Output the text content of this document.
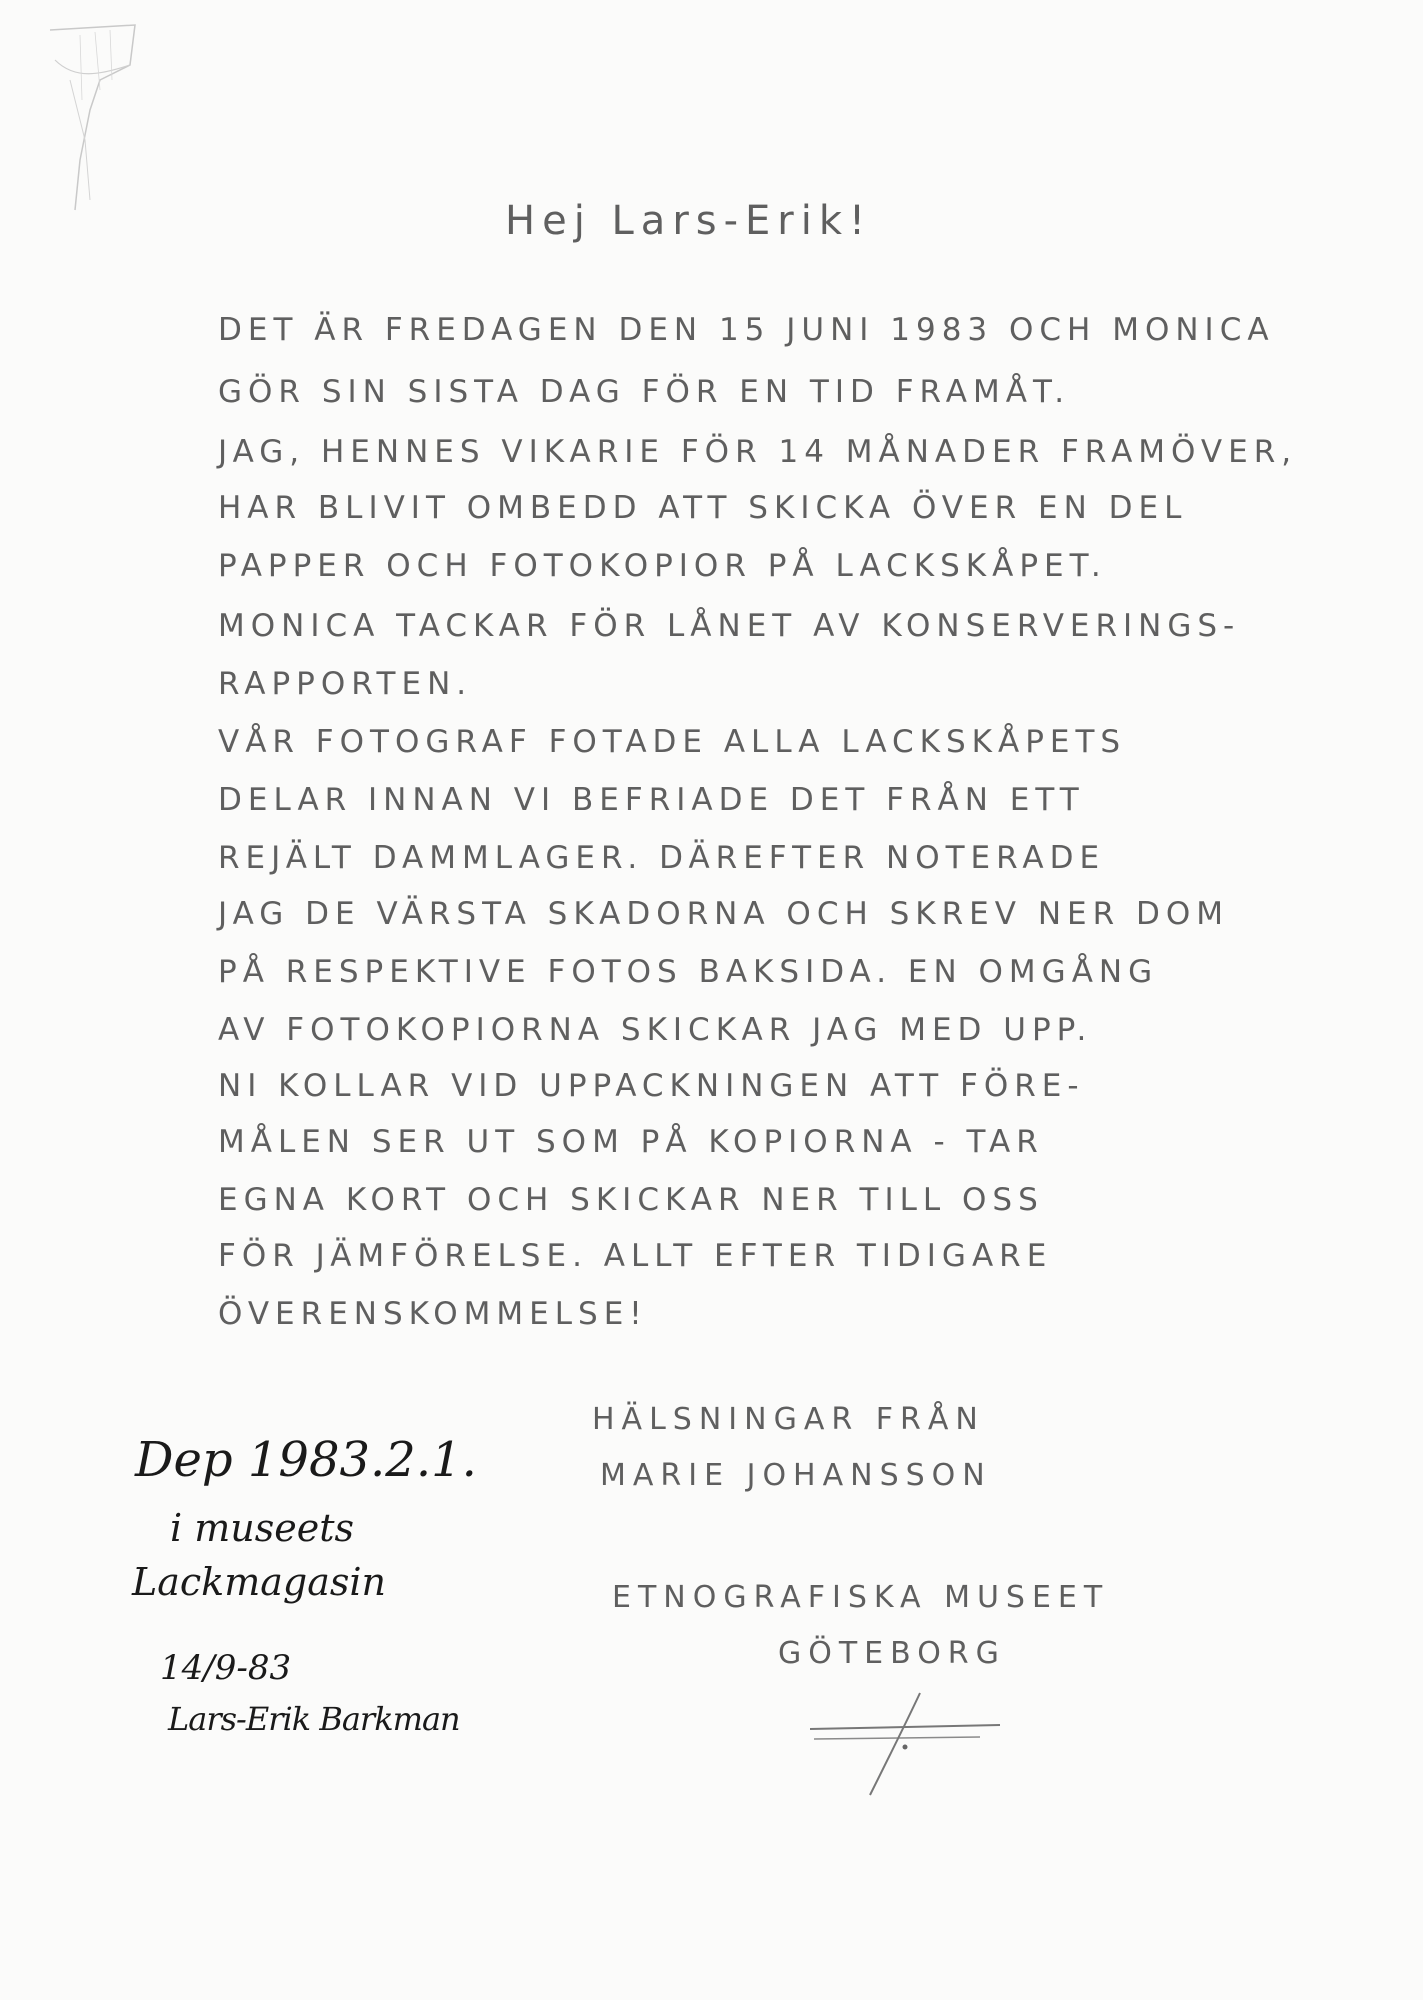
Hej Lars-Erik!
DET ÄR FREDAGEN DEN 15 JUNI 1983 OCH MONICA
GÖR SIN SISTA DAG FÖR EN TID FRAMÅT.
JAG, HENNES VIKARIE FÖR 14 MÅNADER FRAMÖVER,
HAR BLIVIT OMBEDD ATT SKICKA ÖVER EN DEL
PAPPER OCH FOTOKOPIOR PÅ LACKSKÅPET.
MONICA TACKAR FÖR LÅNET AV KONSERVERINGS-
RAPPORTEN.
VÅR FOTOGRAF FOTADE ALLA LACKSKÅPETS
DELAR INNAN VI BEFRIADE DET FRÅN ETT
REJÄLT DAMMLAGER. DÄREFTER NOTERADE
JAG DE VÄRSTA SKADORNA OCH SKREV NER DOM
PÅ RESPEKTIVE FOTOS BAKSIDA. EN OMGÅNG
AV FOTOKOPIORNA SKICKAR JAG MED UPP.
NI KOLLAR VID UPPACKNINGEN ATT FÖRE-
MÅLEN SER UT SOM PÅ KOPIORNA - TAR
EGNA KORT OCH SKICKAR NER TILL OSS
FÖR JÄMFÖRELSE. ALLT EFTER TIDIGARE
ÖVERENSKOMMELSE!
HÄLSNINGAR FRÅN
MARIE JOHANSSON
ETNOGRAFISKA MUSEET
GÖTEBORG
Dep 1983.2.1.
i museets
Lackmagasin
14/9-83
Lars-Erik Barkman
